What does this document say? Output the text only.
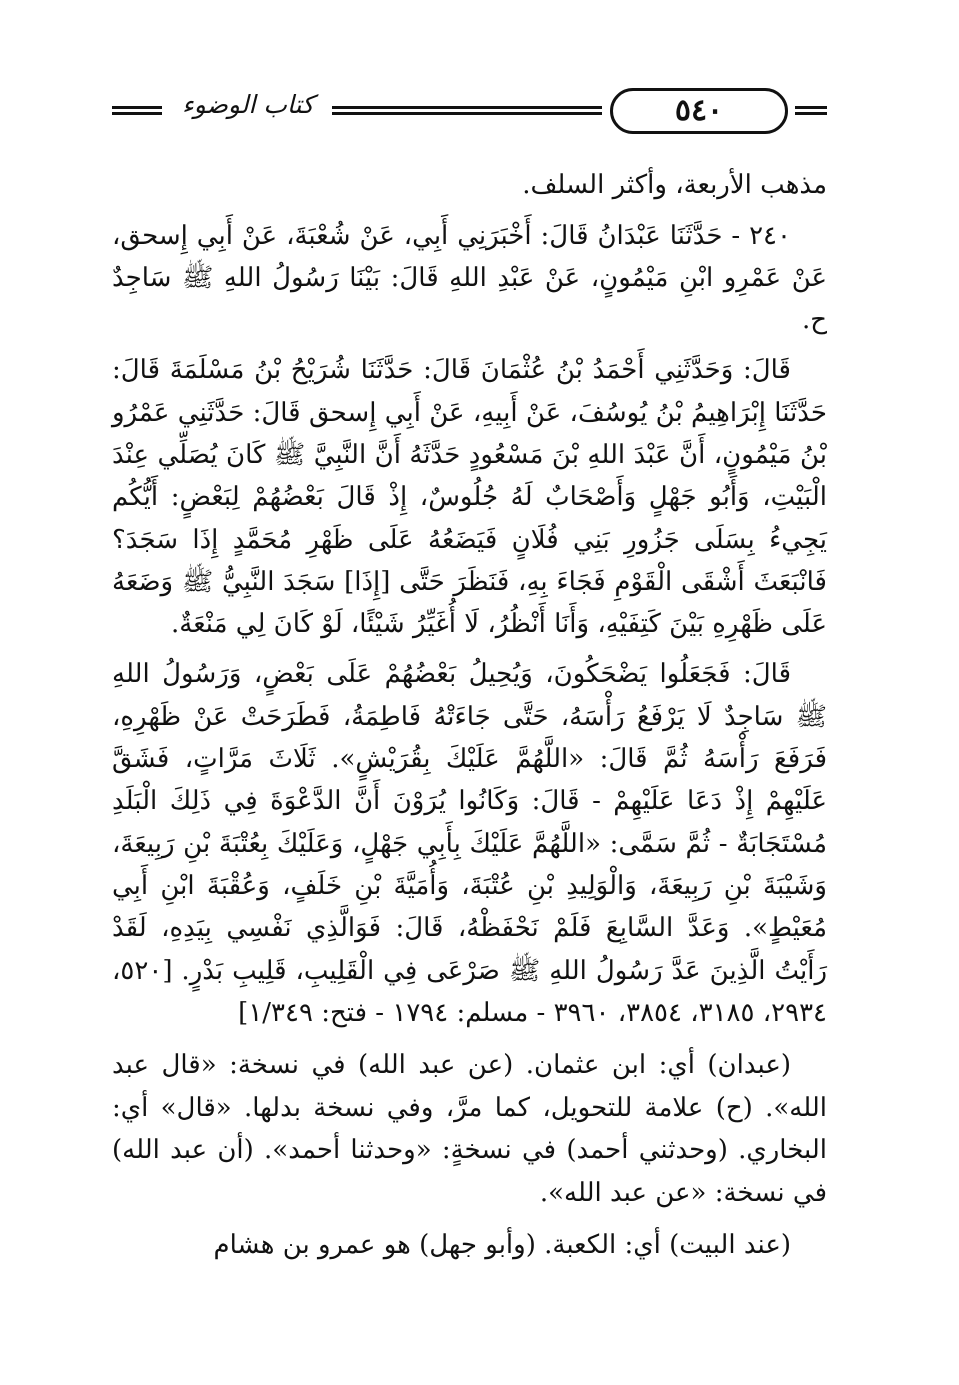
كتاب الوضوء	٥٤٠

مذهب الأربعة، وأكثر السلف.

٢٤٠ - حَدَّثَنَا عَبْدَانُ قَالَ: أَخْبَرَنِي أَبِي، عَنْ شُعْبَةَ، عَنْ أَبِي إِسحق، عَنْ عَمْرِو ابْنِ مَيْمُونٍ، عَنْ عَبْدِ اللهِ قَالَ: بَيْنَا رَسُولُ اللهِ ﷺ سَاجِدٌ ح.

قَالَ: وَحَدَّثَنِي أَحْمَدُ بْنُ عُثْمَانَ قَالَ: حَدَّثَنَا شُرَيْحُ بْنُ مَسْلَمَةَ قَالَ: حَدَّثَنَا إِبْرَاهِيمُ بْنُ يُوسُفَ، عَنْ أَبِيهِ، عَنْ أَبِي إِسحق قَالَ: حَدَّثَنِي عَمْرُو بْنُ مَيْمُونٍ، أَنَّ عَبْدَ اللهِ بْنَ مَسْعُودٍ حَدَّثَهُ أَنَّ النَّبِيَّ ﷺ كَانَ يُصَلِّي عِنْدَ الْبَيْتِ، وَأَبُو جَهْلٍ وَأَصْحَابٌ لَهُ جُلُوسٌ، إِذْ قَالَ بَعْضُهُمْ لِبَعْضٍ: أَيُّكُم يَجِيءُ بِسَلَى جَزُورِ بَنِي فُلَانٍ فَيَضَعُهُ عَلَى ظَهْرِ مُحَمَّدٍ إِذَا سَجَدَ؟ فَانْبَعَثَ أَشْقَى الْقَوْمِ فَجَاءَ بِهِ، فَنَظَرَ حَتَّى [إِذَا] سَجَدَ النَّبِيُّ ﷺ وَضَعَهُ عَلَى ظَهْرِهِ بَيْنَ كَتِفَيْهِ، وَأَنَا أَنْظُرُ، لَا أُغَيِّرُ شَيْئًا، لَوْ كَانَ لِي مَنْعَةٌ.

قَالَ: فَجَعَلُوا يَضْحَكُونَ، وَيُحِيلُ بَعْضُهُمْ عَلَى بَعْضٍ، وَرَسُولُ اللهِ ﷺ سَاجِدٌ لَا يَرْفَعُ رَأْسَهُ، حَتَّى جَاءَتْهُ فَاطِمَةُ، فَطَرَحَتْ عَنْ ظَهْرِهِ، فَرَفَعَ رَأْسَهُ ثُمَّ قَالَ: «اللَّهُمَّ عَلَيْكَ بِقُرَيْشٍ». ثَلَاثَ مَرَّاتٍ، فَشَقَّ عَلَيْهِمْ إِذْ دَعَا عَلَيْهِمْ - قَالَ: وَكَانُوا يُرَوْنَ أَنَّ الدَّعْوَةَ فِي ذَلِكَ الْبَلَدِ مُسْتَجَابَةٌ - ثُمَّ سَمَّى: «اللَّهُمَّ عَلَيْكَ بِأَبِي جَهْلٍ، وَعَلَيْكَ بِعُتْبَةَ بْنِ رَبِيعَةَ، وَشَيْبَةَ بْنِ رَبِيعَةَ، وَالْوَلِيدِ بْنِ عُتْبَةَ، وَأُمَيَّةَ بْنِ خَلَفٍ، وَعُقْبَةَ ابْنِ أَبِي مُعَيْطٍ». وَعَدَّ السَّابِعَ فَلَمْ نَحْفَظْهُ، قَالَ: فَوَالَّذِي نَفْسِي بِيَدِهِ، لَقَدْ رَأَيْتُ الَّذِينَ عَدَّ رَسُولُ اللهِ ﷺ صَرْعَى فِي الْقَلِيبِ، قَلِيبِ بَدْرٍ. [٥٢٠، ٢٩٣٤، ٣١٨٥، ٣٨٥٤، ٣٩٦٠ - مسلم: ١٧٩٤ - فتح: ١/٣٤٩]

(عبدان) أي: ابن عثمان. (عن عبد الله) في نسخة: «قال عبد الله». (ح) علامة للتحويل، كما مرَّ، وفي نسخة بدلها. «قال» أي: البخاري. (وحدثني أحمد) في نسخةٍ: «وحدثنا أحمد». (أن عبد الله) في نسخة: «عن عبد الله».

(عند البيت) أي: الكعبة. (وأبو جهل) هو عمرو بن هشام
